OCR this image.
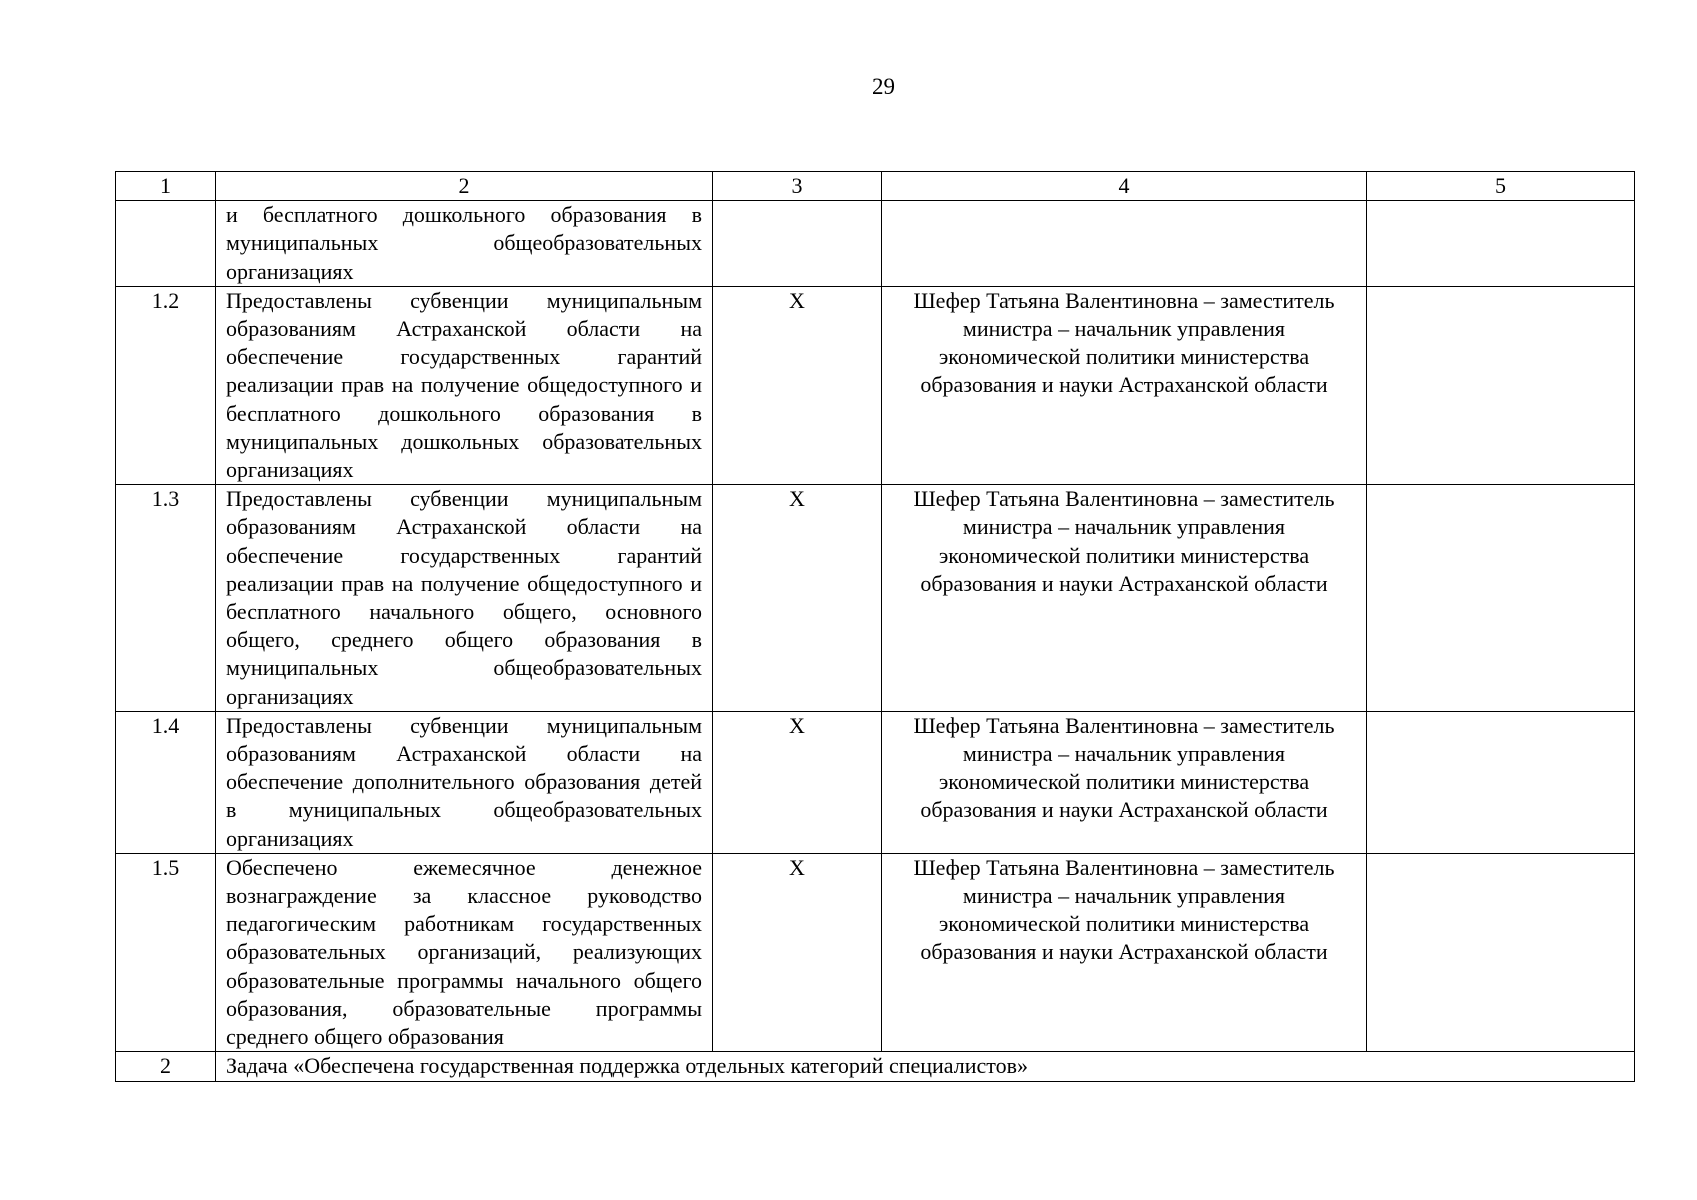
29
1	2	3	4	5
	и бесплатного дошкольного образования в муниципальных общеобразовательных организациях			
1.2	Предоставлены субвенции муниципальным образованиям Астраханской области на обеспечение государственных гарантий реализации прав на получение общедоступного и бесплатного дошкольного образования в муниципальных дошкольных образовательных организациях	X	Шефер Татьяна Валентиновна – заместитель министра – начальник управления экономической политики министерства образования и науки Астраханской области	
1.3	Предоставлены субвенции муниципальным образованиям Астраханской области на обеспечение государственных гарантий реализации прав на получение общедоступного и бесплатного начального общего, основного общего, среднего общего образования в муниципальных общеобразовательных организациях	X	Шефер Татьяна Валентиновна – заместитель министра – начальник управления экономической политики министерства образования и науки Астраханской области	
1.4	Предоставлены субвенции муниципальным образованиям Астраханской области на обеспечение дополнительного образования детей в муниципальных общеобразовательных организациях	X	Шефер Татьяна Валентиновна – заместитель министра – начальник управления экономической политики министерства образования и науки Астраханской области	
1.5	Обеспечено ежемесячное денежное вознаграждение за классное руководство педагогическим работникам государственных образовательных организаций, реализующих образовательные программы начального общего образования, образовательные программы среднего общего образования	X	Шефер Татьяна Валентиновна – заместитель министра – начальник управления экономической политики министерства образования и науки Астраханской области	
2	Задача «Обеспечена государственная поддержка отдельных категорий специалистов»			
